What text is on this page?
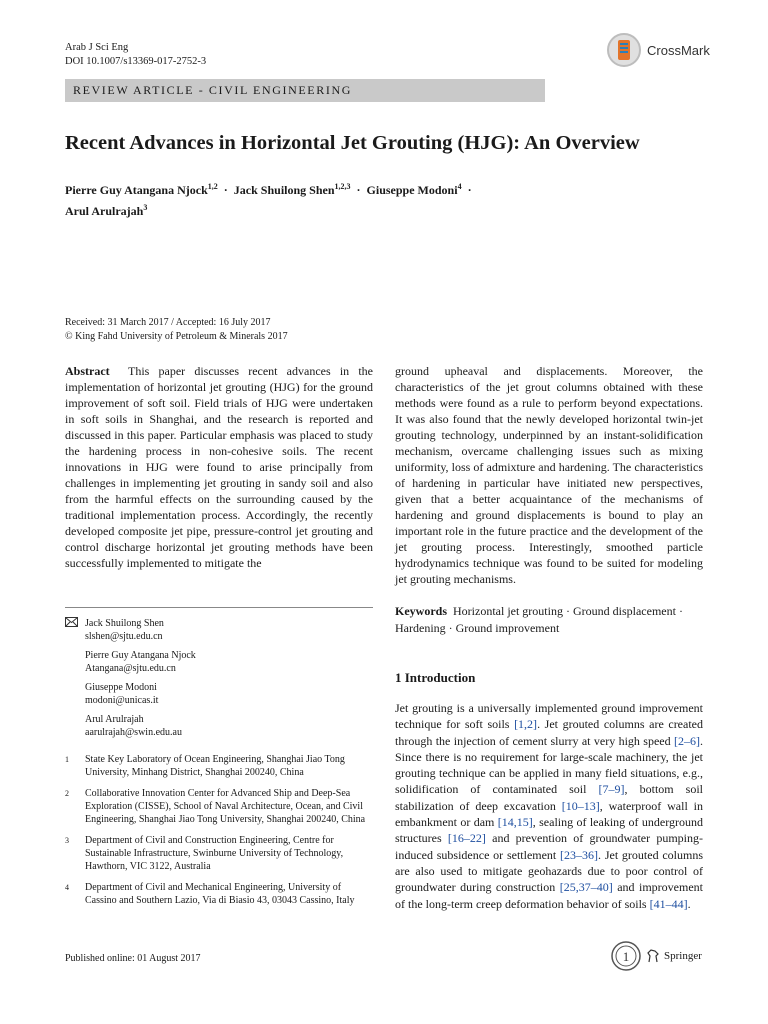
Arab J Sci Eng
DOI 10.1007/s13369-017-2752-3
CrossMark
REVIEW ARTICLE - CIVIL ENGINEERING
Recent Advances in Horizontal Jet Grouting (HJG): An Overview
Pierre Guy Atangana Njock$^{1,2}$ · Jack Shuilong Shen$^{1,2,3}$ · Giuseppe Modoni$^4$ ·
Arul Arulrajah$^3$
Received: 31 March 2017 / Accepted: 16 July 2017
© King Fahd University of Petroleum & Minerals 2017
Abstract This paper discusses recent advances in the implementation of horizontal jet grouting (HJG) for the ground improvement of soft soil. Field trials of HJG were undertaken in soft soils in Shanghai, and the research is reported and discussed in this paper. Particular emphasis was placed to study the hardening process in non-cohesive soils. The recent innovations in HJG were found to arise principally from challenges in implementing jet grouting in sandy soil and also from the harmful effects on the surrounding caused by the traditional implementation process. Accordingly, the recently developed composite jet pipe, pressure-control jet grouting and control discharge horizontal jet grouting methods have been successfully implemented to mitigate the
ground upheaval and displacements. Moreover, the characteristics of the jet grout columns obtained with these methods were found as a rule to perform beyond expectations. It was also found that the newly developed horizontal twin-jet grouting technology, underpinned by an instant-solidification mechanism, overcame challenging issues such as mixing uniformity, loss of admixture and hardening. The characteristics of hardening in particular have initiated new perspectives, given that a better acquaintance of the mechanisms of hardening and ground displacements is bound to play an important role in the future practice and the development of the jet grouting process. Interestingly, smoothed particle hydrodynamics technique was found to be suited for modeling jet grouting mechanisms.
Jack Shuilong Shen
slshen@sjtu.edu.cn
Pierre Guy Atangana Njock
Atangana@sjtu.edu.cn
Giuseppe Modoni
modoni@unicas.it
Arul Arulrajah
aarulrajah@swin.edu.au
1	State Key Laboratory of Ocean Engineering, Shanghai Jiao Tong University, Minhang District, Shanghai 200240, China
2	Collaborative Innovation Center for Advanced Ship and Deep-Sea Exploration (CISSE), School of Naval Architecture, Ocean, and Civil Engineering, Shanghai Jiao Tong University, Shanghai 200240, China
3	Department of Civil and Construction Engineering, Centre for Sustainable Infrastructure, Swinburne University of Technology, Hawthorn, VIC 3122, Australia
4	Department of Civil and Mechanical Engineering, University of Cassino and Southern Lazio, Via di Biasio 43, 03043 Cassino, Italy
Keywords Horizontal jet grouting · Ground displacement · Hardening · Ground improvement
1 Introduction
Jet grouting is a universally implemented ground improvement technique for soft soils [1,2]. Jet grouted columns are created through the injection of cement slurry at very high speed [2–6]. Since there is no requirement for large-scale machinery, the jet grouting technique can be applied in many field situations, e.g., solidification of contaminated soil [7–9], bottom soil stabilization of deep excavation [10–13], waterproof wall in embankment or dam [14,15], sealing of leaking of underground structures [16–22] and prevention of groundwater pumping-induced subsidence or settlement [23–36]. Jet grouted columns are also used to mitigate geohazards due to poor control of groundwater during construction [25,37–40] and improvement of the long-term creep deformation behavior of soils [41–44].
Published online: 01 August 2017	1	Springer
